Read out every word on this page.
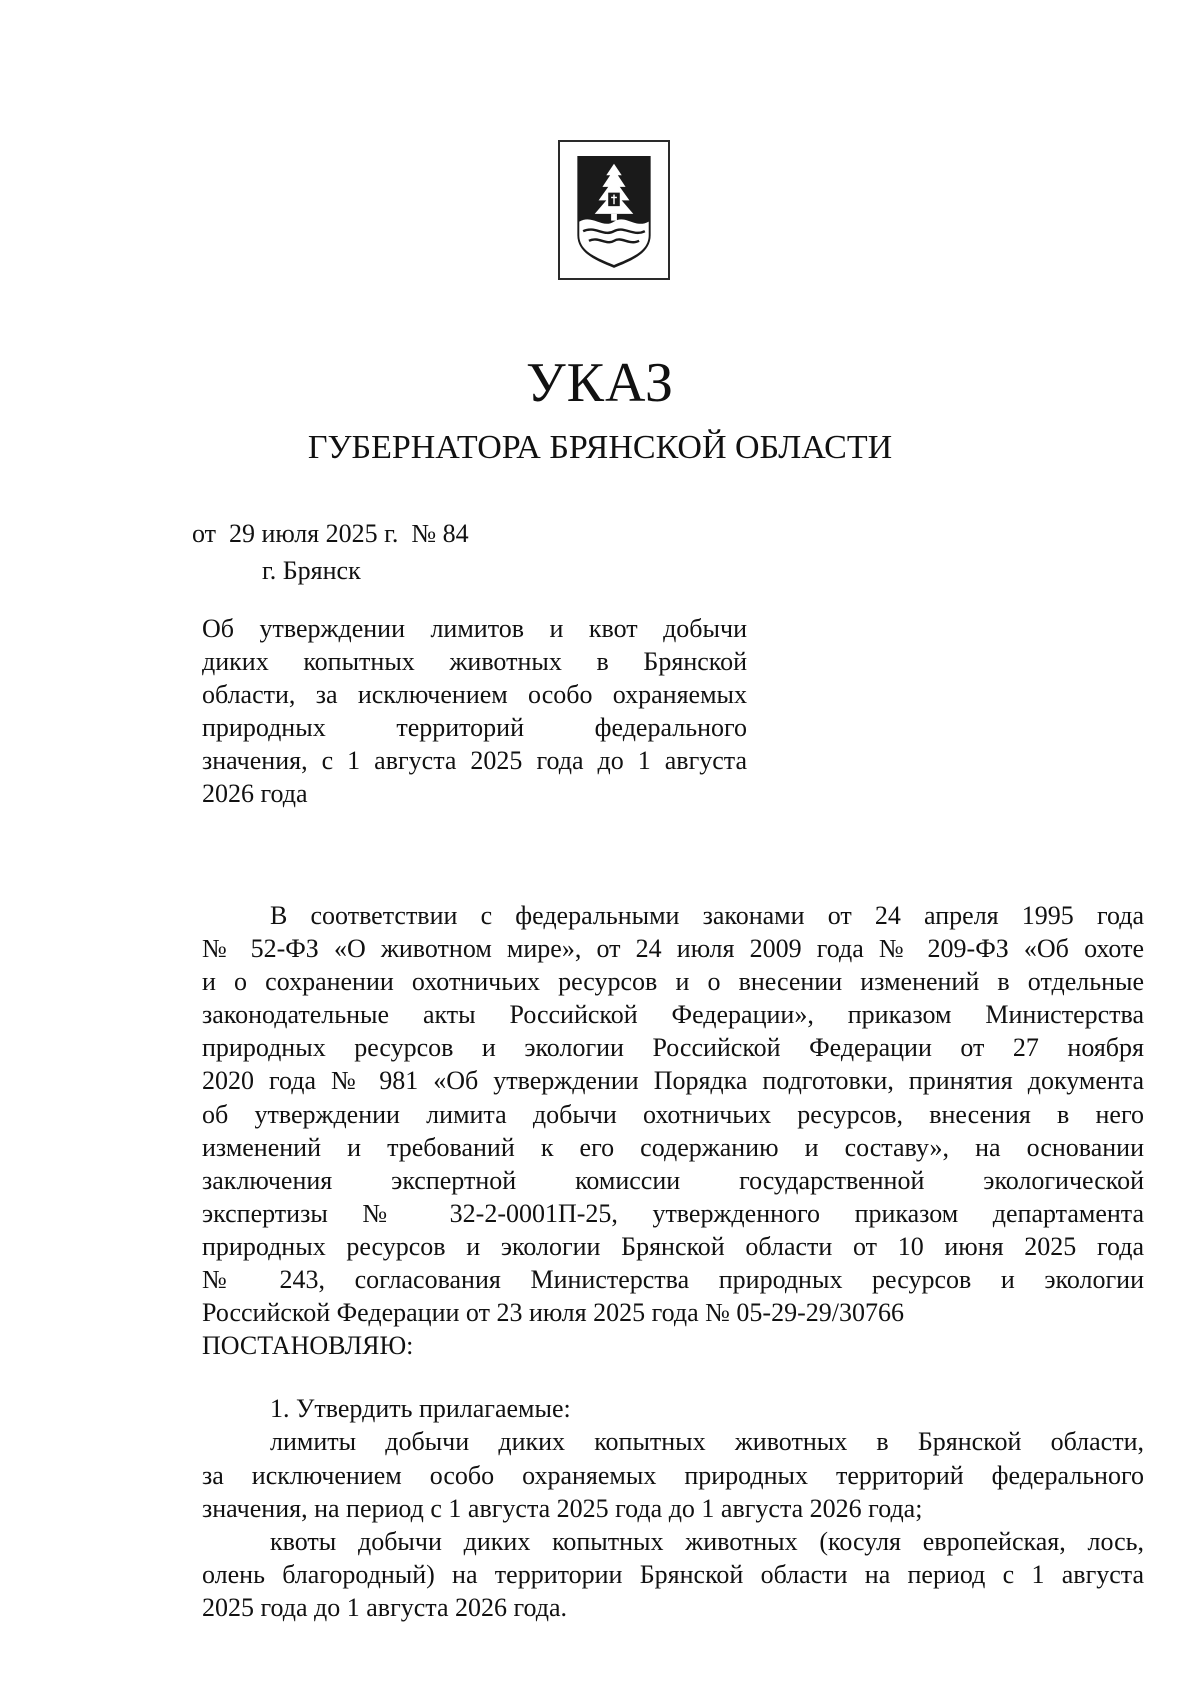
УКАЗ
ГУБЕРНАТОРА БРЯНСКОЙ ОБЛАСТИ
от  29 июля 2025 г.  № 84
г. Брянск
Об утверждении лимитов и квот добычи
диких копытных животных в Брянской
области, за исключением особо охраняемых
природных территорий федерального
значения, с 1 августа 2025 года до 1 августа
2026 года
В соответствии с федеральными законами от 24 апреля 1995 года
№ 52-ФЗ «О животном мире», от 24 июля 2009 года № 209-ФЗ «Об охоте
и о сохранении охотничьих ресурсов и о внесении изменений в отдельные
законодательные акты Российской Федерации», приказом Министерства
природных ресурсов и экологии Российской Федерации от 27 ноября
2020 года № 981 «Об утверждении Порядка подготовки, принятия документа
об утверждении лимита добычи охотничьих ресурсов, внесения в него
изменений и требований к его содержанию и составу», на основании
заключения экспертной комиссии государственной экологической
экспертизы № 32-2-0001П-25, утвержденного приказом департамента
природных ресурсов и экологии Брянской области от 10 июня 2025 года
№ 243, согласования Министерства природных ресурсов и экологии
Российской Федерации от 23 июля 2025 года № 05-29-29/30766
ПОСТАНОВЛЯЮ:
1. Утвердить прилагаемые:
лимиты добычи диких копытных животных в Брянской области,
за исключением особо охраняемых природных территорий федерального
значения, на период с 1 августа 2025 года до 1 августа 2026 года;
квоты добычи диких копытных животных (косуля европейская, лось,
олень благородный) на территории Брянской области на период с 1 августа
2025 года до 1 августа 2026 года.
